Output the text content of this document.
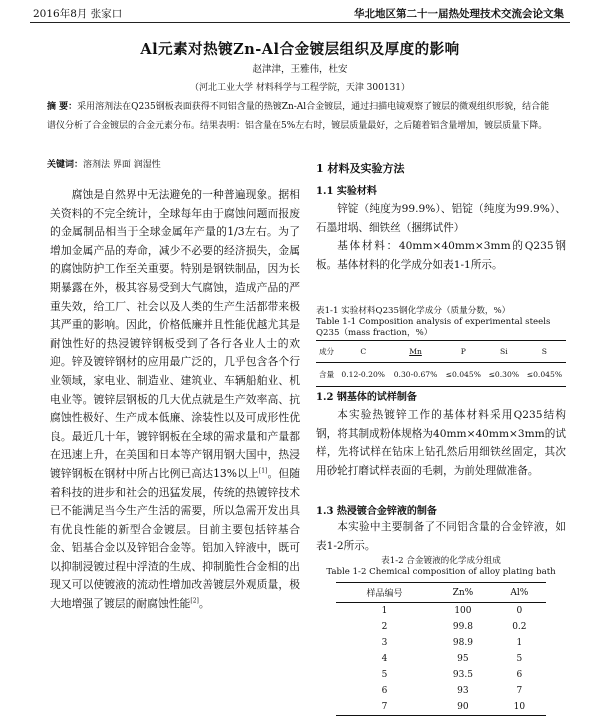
2016年8月 张家口	华北地区第二十一届热处理技术交流会论文集
Al元素对热镀Zn-Al合金镀层组织及厚度的影响
赵津津，王雅伟，杜安
（河北工业大学 材料科学与工程学院，天津 300131）
摘 要：采用溶剂法在Q235钢板表面获得不同铝含量的热镀Zn-Al合金镀层，通过扫描电镜观察了镀层的微观组织形貌，结合能谱仪分析了合金镀层的合金元素分布。结果表明：铝含量在5%左右时，镀层质量最好，之后随着铝含量增加，镀层质量下降。
关键词：溶剂法 界面 润湿性

腐蚀是自然界中无法避免的一种普遍现象。据相关资料的不完全统计，全球每年由于腐蚀问题而报废的金属制品相当于全球金属年产量的1/3左右。为了增加金属产品的寿命，减少不必要的经济损失，金属的腐蚀防护工作至关重要。特别是钢铁制品，因为长期暴露在外，极其容易受到大气腐蚀，造成产品的严重失效，给工厂、社会以及人类的生产生活都带来极其严重的影响。因此，价格低廉并且性能优越尤其是耐蚀性好的热浸镀锌钢板受到了各行各业人士的欢迎。锌及镀锌钢材的应用最广泛的，几乎包含各个行业领域，家电业、制造业、建筑业、车辆船舶业、机电业等。镀锌层钢板的几大优点就是生产效率高、抗腐蚀性极好、生产成本低廉、涂装性以及可成形性优良。最近几十年，镀锌钢板在全球的需求量和产量都在迅速上升，在美国和日本等产钢用钢大国中，热浸镀锌钢板在钢材中所占比例已高达13%以上[1]。但随着科技的进步和社会的迅猛发展，传统的热镀锌技术已不能满足当今生产生活的需要，所以急需开发出具有优良性能的新型合金镀层。目前主要包括锌基合金、铝基合金以及锌铝合金等。铝加入锌液中，既可以抑制浸镀过程中浮渣的生成、抑制脆性合金相的出现又可以使镀液的流动性增加改善镀层外观质量，极大地增强了镀层的耐腐蚀性能[2]。

1 材料及实验方法
1.1 实验材料

锌锭（纯度为99.9%）、铝锭（纯度为99.9%）、石墨坩埚、细铁丝（捆绑试件）

基体材料：40mm×40mm×3mm的Q235钢板。基体材料的化学成分如表1-1所示。

表1-1 实验材料Q235钢化学成分（质量分数，%）
Table 1-1 Composition analysis of experimental steels Q235（mass fraction，%）
成分	C	Mn	P	Si	S
含量	0.12-0.20%	0.30-0.67%	≤0.045%	≤0.30%	≤0.045%
1.2 钢基体的试样制备

本实验热镀锌工作的基体材料采用Q235结构钢，将其制成粉体规格为40mm×40mm×3mm的试样，先将试样在钻床上钻孔然后用细铁丝固定，其次用砂轮打磨试样表面的毛刺，为前处理做准备。

1.3 热浸镀合金锌液的制备

本实验中主要制备了不同铝含量的合金锌液，如表1-2所示。

表1-2 合金镀液的化学成分组成
Table 1-2 Chemical composition of alloy plating bath
样品编号	Zn%	Al%
1	100	0
2	99.8	0.2
3	98.9	1
4	95	5
5	93.5	6
6	93	7
7	90	10
